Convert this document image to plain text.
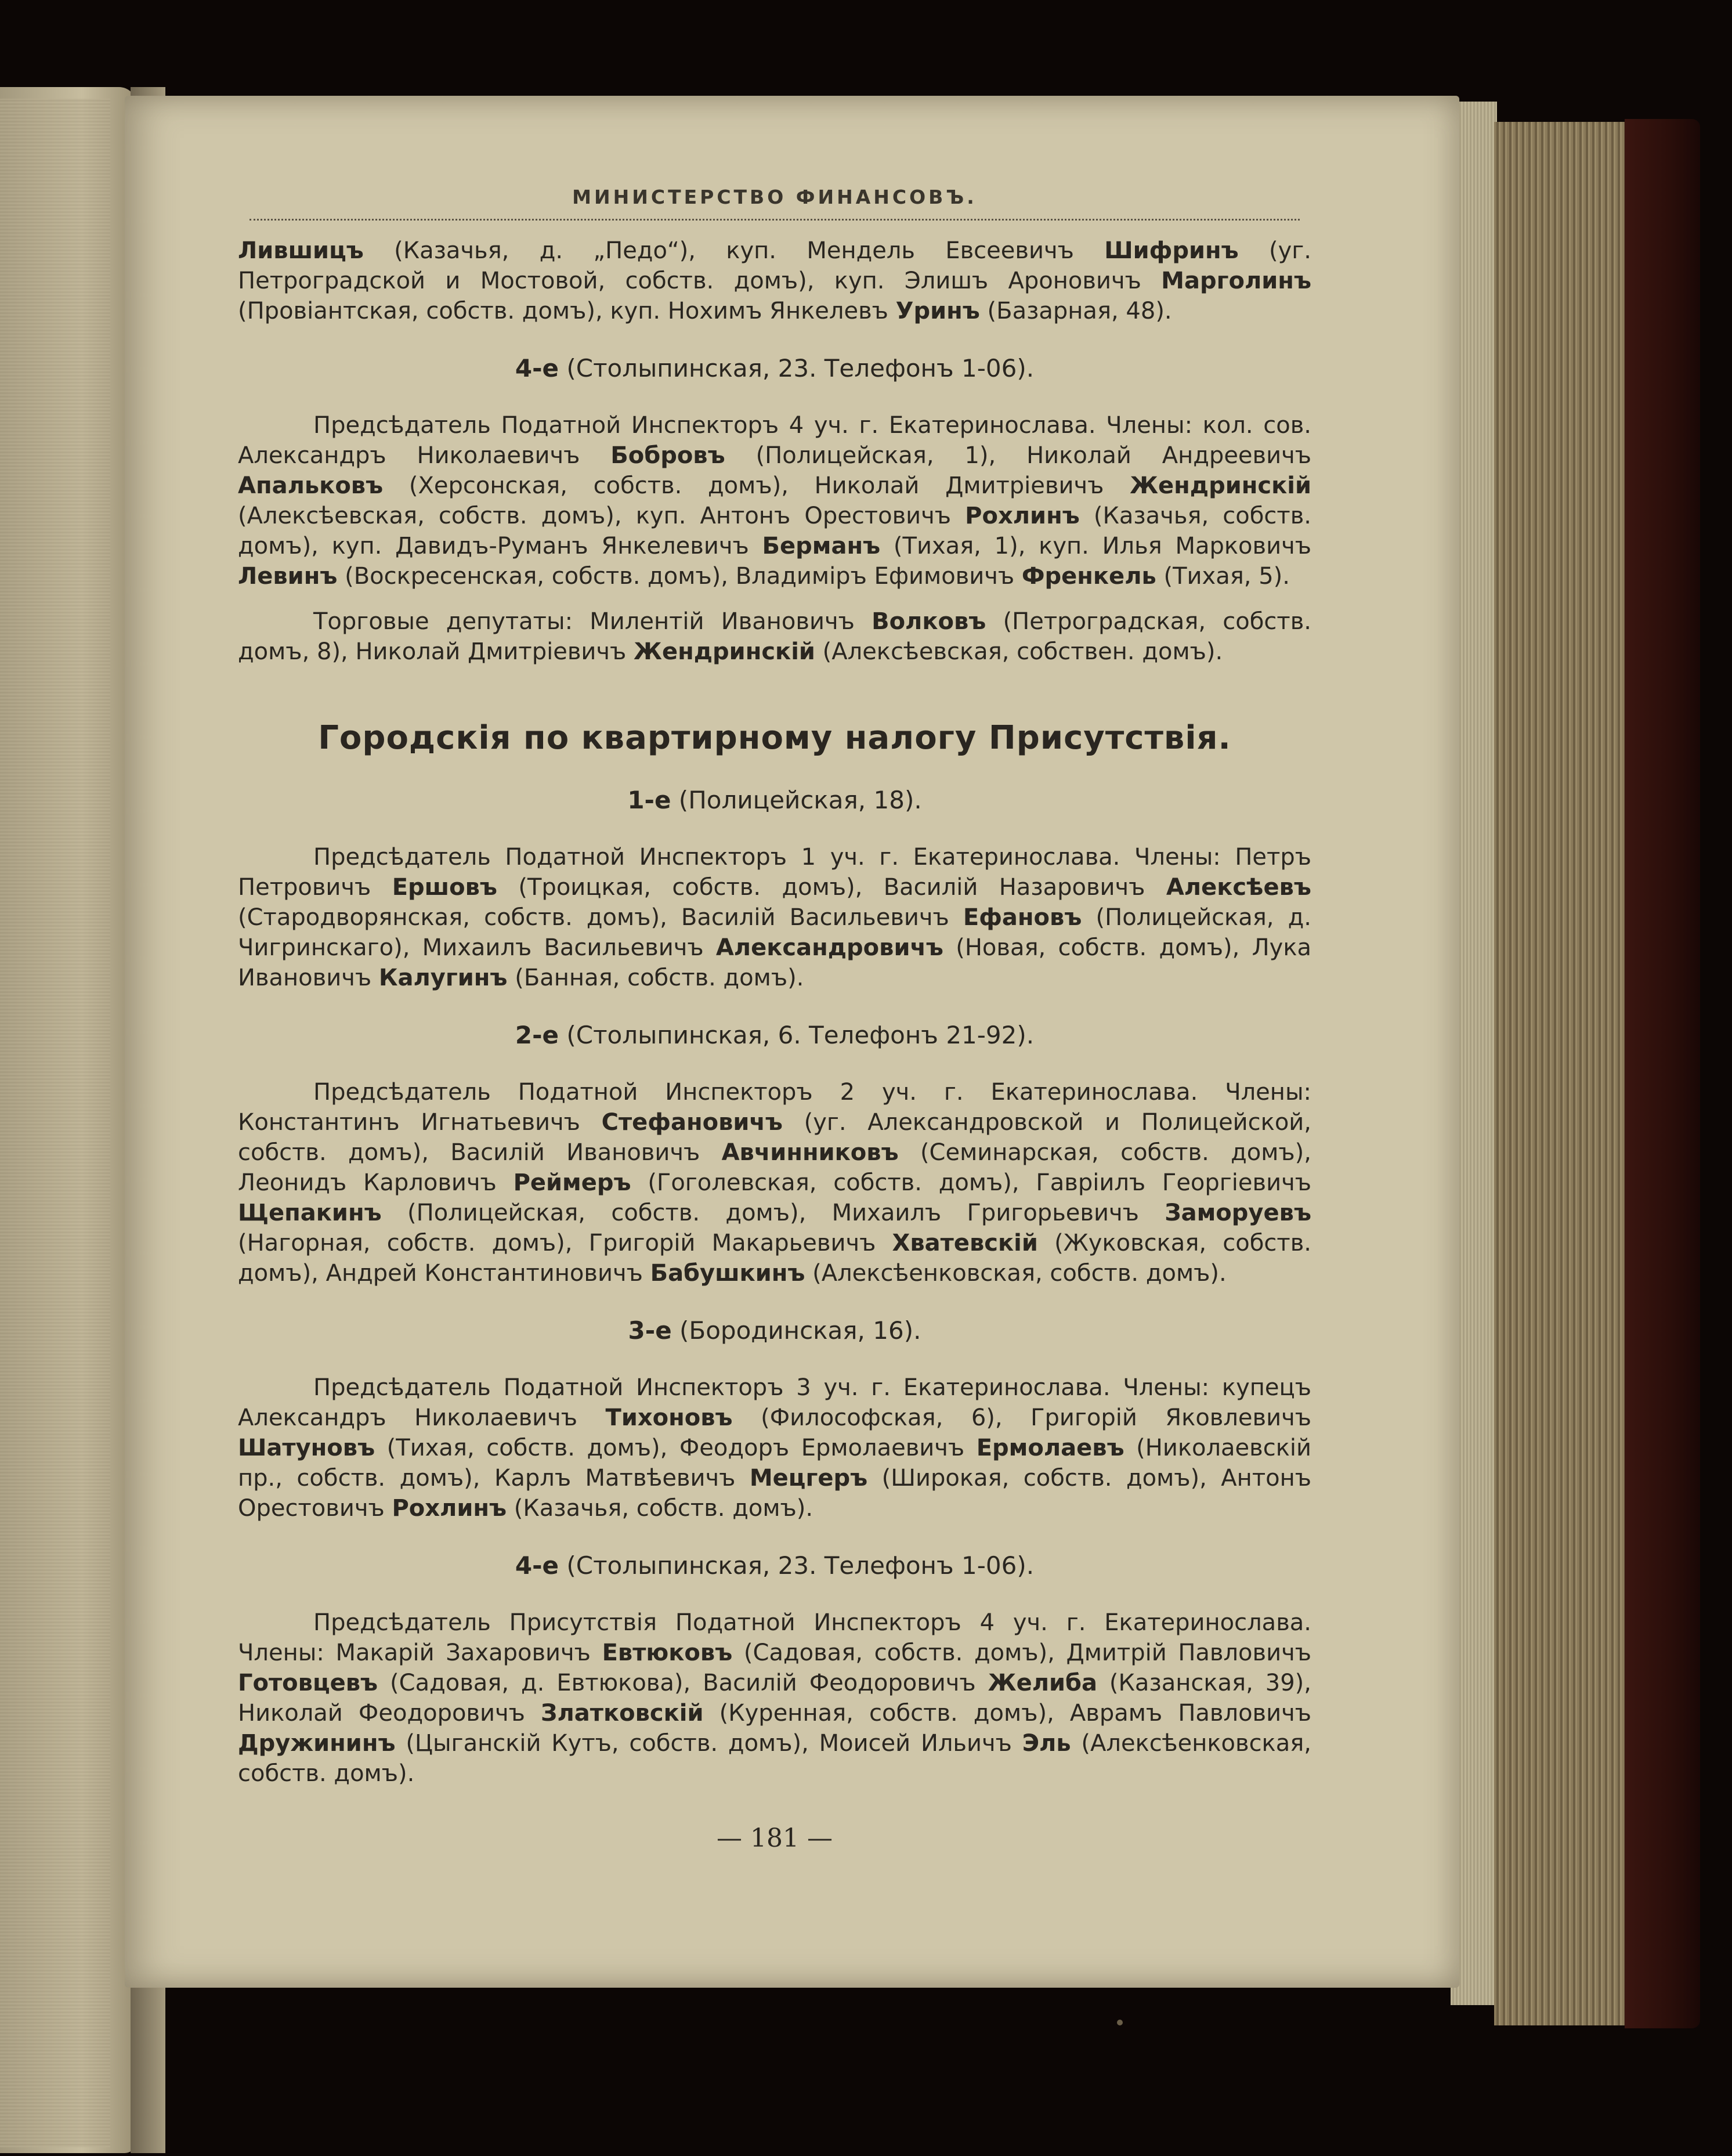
МИНИСТЕРСТВО ФИНАНСОВЪ.

Лившицъ (Казачья, д. „Педо“), куп. Мендель Евсеевичъ Шифринъ (уг. Петроградской и Мостовой, собств. домъ), куп. Элишъ Ароновичъ Марголинъ (Провіантская, собств. домъ), куп. Нохимъ Янкелевъ Уринъ (Базарная, 48).

4-е (Столыпинская, 23. Телефонъ 1-06).

Предсѣдатель Податной Инспекторъ 4 уч. г. Екатеринослава. Члены: кол. сов. Александръ Николаевичъ Бобровъ (Полицейская, 1), Николай Андреевичъ Апальковъ (Херсонская, собств. домъ), Николай Дмитріевичъ Жендринскій (Алексѣевская, собств. домъ), куп. Антонъ Орестовичъ Рохлинъ (Казачья, собств. домъ), куп. Давидъ-Руманъ Янкелевичъ Берманъ (Тихая, 1), куп. Илья Марковичъ Левинъ (Воскресенская, собств. домъ), Владиміръ Ефимовичъ Френкель (Тихая, 5).

Торговые депутаты: Милентій Ивановичъ Волковъ (Петроградская, собств. домъ, 8), Николай Дмитріевичъ Жендринскій (Алексѣевская, собствен. домъ).

Городскія по квартирному налогу Присутствія.
1-е (Полицейская, 18).

Предсѣдатель Податной Инспекторъ 1 уч. г. Екатеринослава. Члены: Петръ Петровичъ Ершовъ (Троицкая, собств. домъ), Василій Назаровичъ Алексѣевъ (Стародворянская, собств. домъ), Василій Васильевичъ Ефановъ (Полицейская, д. Чигринскаго), Михаилъ Васильевичъ Александровичъ (Новая, собств. домъ), Лука Ивановичъ Калугинъ (Банная, собств. домъ).

2-е (Столыпинская, 6. Телефонъ 21-92).

Предсѣдатель Податной Инспекторъ 2 уч. г. Екатеринослава. Члены: Константинъ Игнатьевичъ Стефановичъ (уг. Александровской и Полицейской, собств. домъ), Василій Ивановичъ Авчинниковъ (Семинарская, собств. домъ), Леонидъ Карловичъ Реймеръ (Гоголевская, собств. домъ), Гавріилъ Георгіевичъ Щепакинъ (Полицейская, собств. домъ), Михаилъ Григорьевичъ Заморуевъ (Нагорная, собств. домъ), Григорій Макарьевичъ Хватевскій (Жуковская, собств. домъ), Андрей Константиновичъ Бабушкинъ (Алексѣенковская, собств. домъ).

3-е (Бородинская, 16).

Предсѣдатель Податной Инспекторъ 3 уч. г. Екатеринослава. Члены: купецъ Александръ Николаевичъ Тихоновъ (Философская, 6), Григорій Яковлевичъ Шатуновъ (Тихая, собств. домъ), Феодоръ Ермолаевичъ Ермолаевъ (Николаевскій пр., собств. домъ), Карлъ Матвѣевичъ Мецгеръ (Широкая, собств. домъ), Антонъ Орестовичъ Рохлинъ (Казачья, собств. домъ).

4-е (Столыпинская, 23. Телефонъ 1-06).

Предсѣдатель Присутствія Податной Инспекторъ 4 уч. г. Екатеринослава. Члены: Макарій Захаровичъ Евтюковъ (Садовая, собств. домъ), Дмитрій Павловичъ Готовцевъ (Садовая, д. Евтюкова), Василій Феодоровичъ Желиба (Казанская, 39), Николай Феодоровичъ Златковскій (Куренная, собств. домъ), Аврамъ Павловичъ Дружининъ (Цыганскій Кутъ, собств. домъ), Моисей Ильичъ Эль (Алексѣенковская, собств. домъ).

— 181 —
